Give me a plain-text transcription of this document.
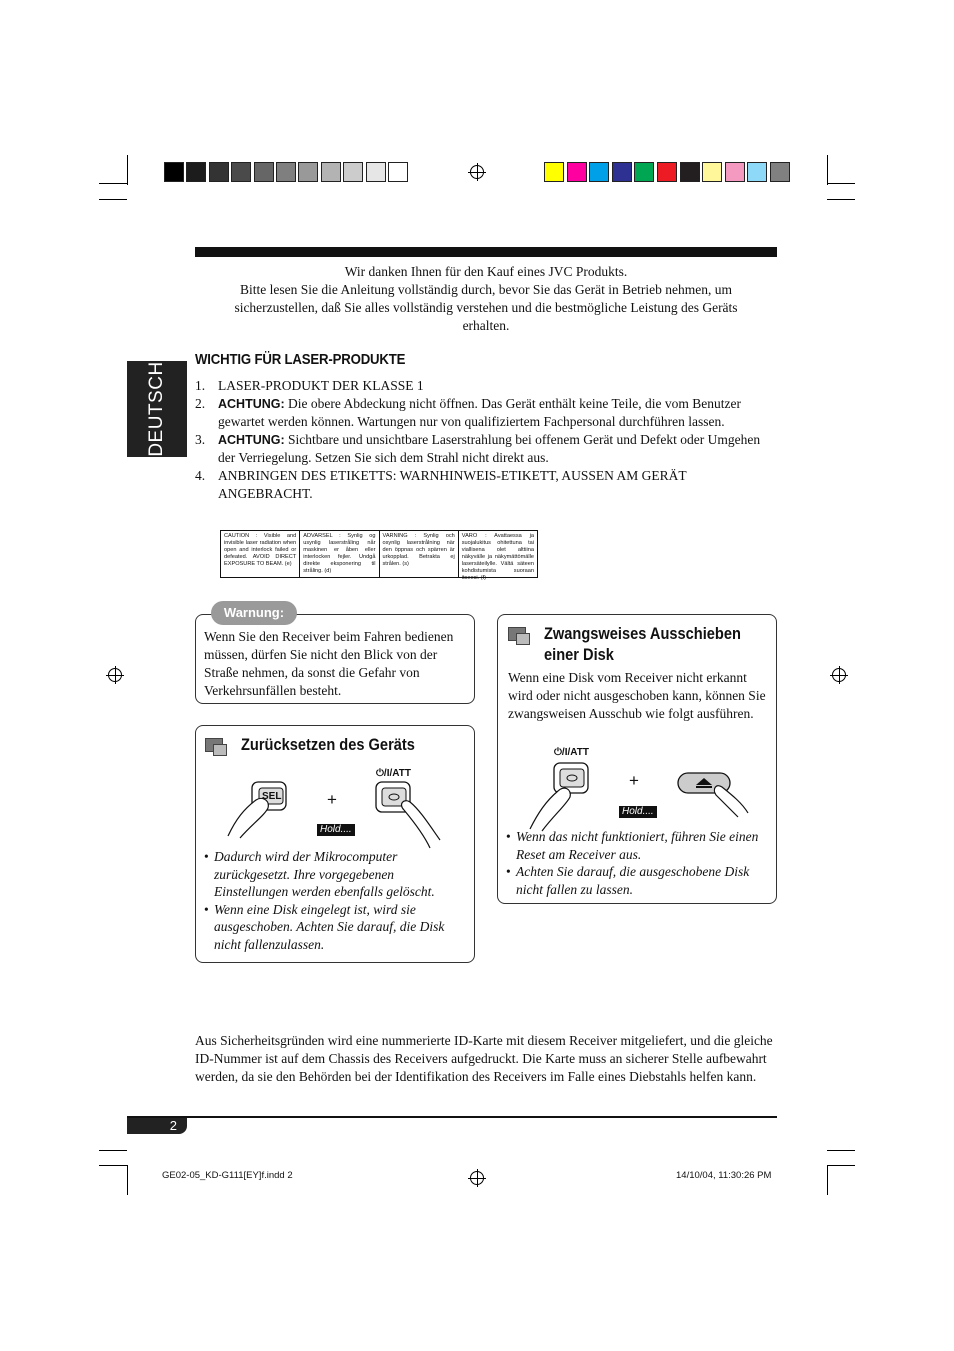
Wir danken Ihnen für den Kauf eines JVC Produkts.
Bitte lesen Sie die Anleitung vollständig durch, bevor Sie das Gerät in Betrieb nehmen, um sicherzustellen, daß Sie alles vollständig verstehen und die bestmögliche Leistung des Geräts erhalten.
DEUTSCH
WICHTIG FÜR LASER-PRODUKTE
1. LASER-PRODUKT DER KLASSE 1
2. ACHTUNG: Die obere Abdeckung nicht öffnen. Das Gerät enthält keine Teile, die vom Benutzer gewartet werden können. Wartungen nur von qualifiziertem Fachpersonal durchführen lassen.
3. ACHTUNG: Sichtbare und unsichtbare Laserstrahlung bei offenem Gerät und Defekt oder Umgehen der Verriegelung. Setzen Sie sich dem Strahl nicht direkt aus.
4. ANBRINGEN DES ETIKETTS: WARNHINWEIS-ETIKETT, AUSSEN AM GERÄT ANGEBRACHT.
CAUTION : Visible and invisible laser radiation when open and interlock failed or defeated. AVOID DIRECT EXPOSURE TO BEAM. (e)
ADVARSEL : Synlig og usynlig laserstråling når maskinen er åben eller interlocken fejler. Undgå direkte eksponering til stråling. (d)
VARNING : Synlig och osynlig laserstrålning när den öppnas och spärren är urkopplad. Betrakta ej strålen. (s)
VARO : Avattaessa ja suojalukitus ohitettuna tai viallisena olet alttiina näkyvälle ja näkymättömälle lasersäteilylle. Vältä säteen kohdistumista suoraan itseesi. (f)
Warnung:
Wenn Sie den Receiver beim Fahren bedienen müssen, dürfen Sie nicht den Blick von der Straße nehmen, da sonst die Gefahr von Verkehrsunfällen besteht.
Zurücksetzen des Geräts
SEL	+
⏻/I/ATT
Hold....
• Dadurch wird der Mikrocomputer zurückgesetzt. Ihre vorgegebenen Einstellungen werden ebenfalls gelöscht.
• Wenn eine Disk eingelegt ist, wird sie ausgeschoben. Achten Sie darauf, die Disk nicht fallenzulassen.
Zwangsweises Ausschieben
einer Disk
Wenn eine Disk vom Receiver nicht erkannt wird oder nicht ausgeschoben kann, können Sie zwangsweisen Ausschub wie folgt ausführen.
⏻/I/ATT
+
Hold....
• Wenn das nicht funktioniert, führen Sie einen Reset am Receiver aus.
• Achten Sie darauf, die ausgeschobene Disk nicht fallen zu lassen.
Aus Sicherheitsgründen wird eine nummerierte ID-Karte mit diesem Receiver mitgeliefert, und die gleiche ID-Nummer ist auf dem Chassis des Receivers aufgedruckt. Die Karte muss an sicherer Stelle aufbewahrt werden, da sie den Behörden bei der Identifikation des Receivers im Falle eines Diebstahls helfen kann.
2
GE02-05_KD-G111[EY]f.indd 2	14/10/04, 11:30:26 PM
